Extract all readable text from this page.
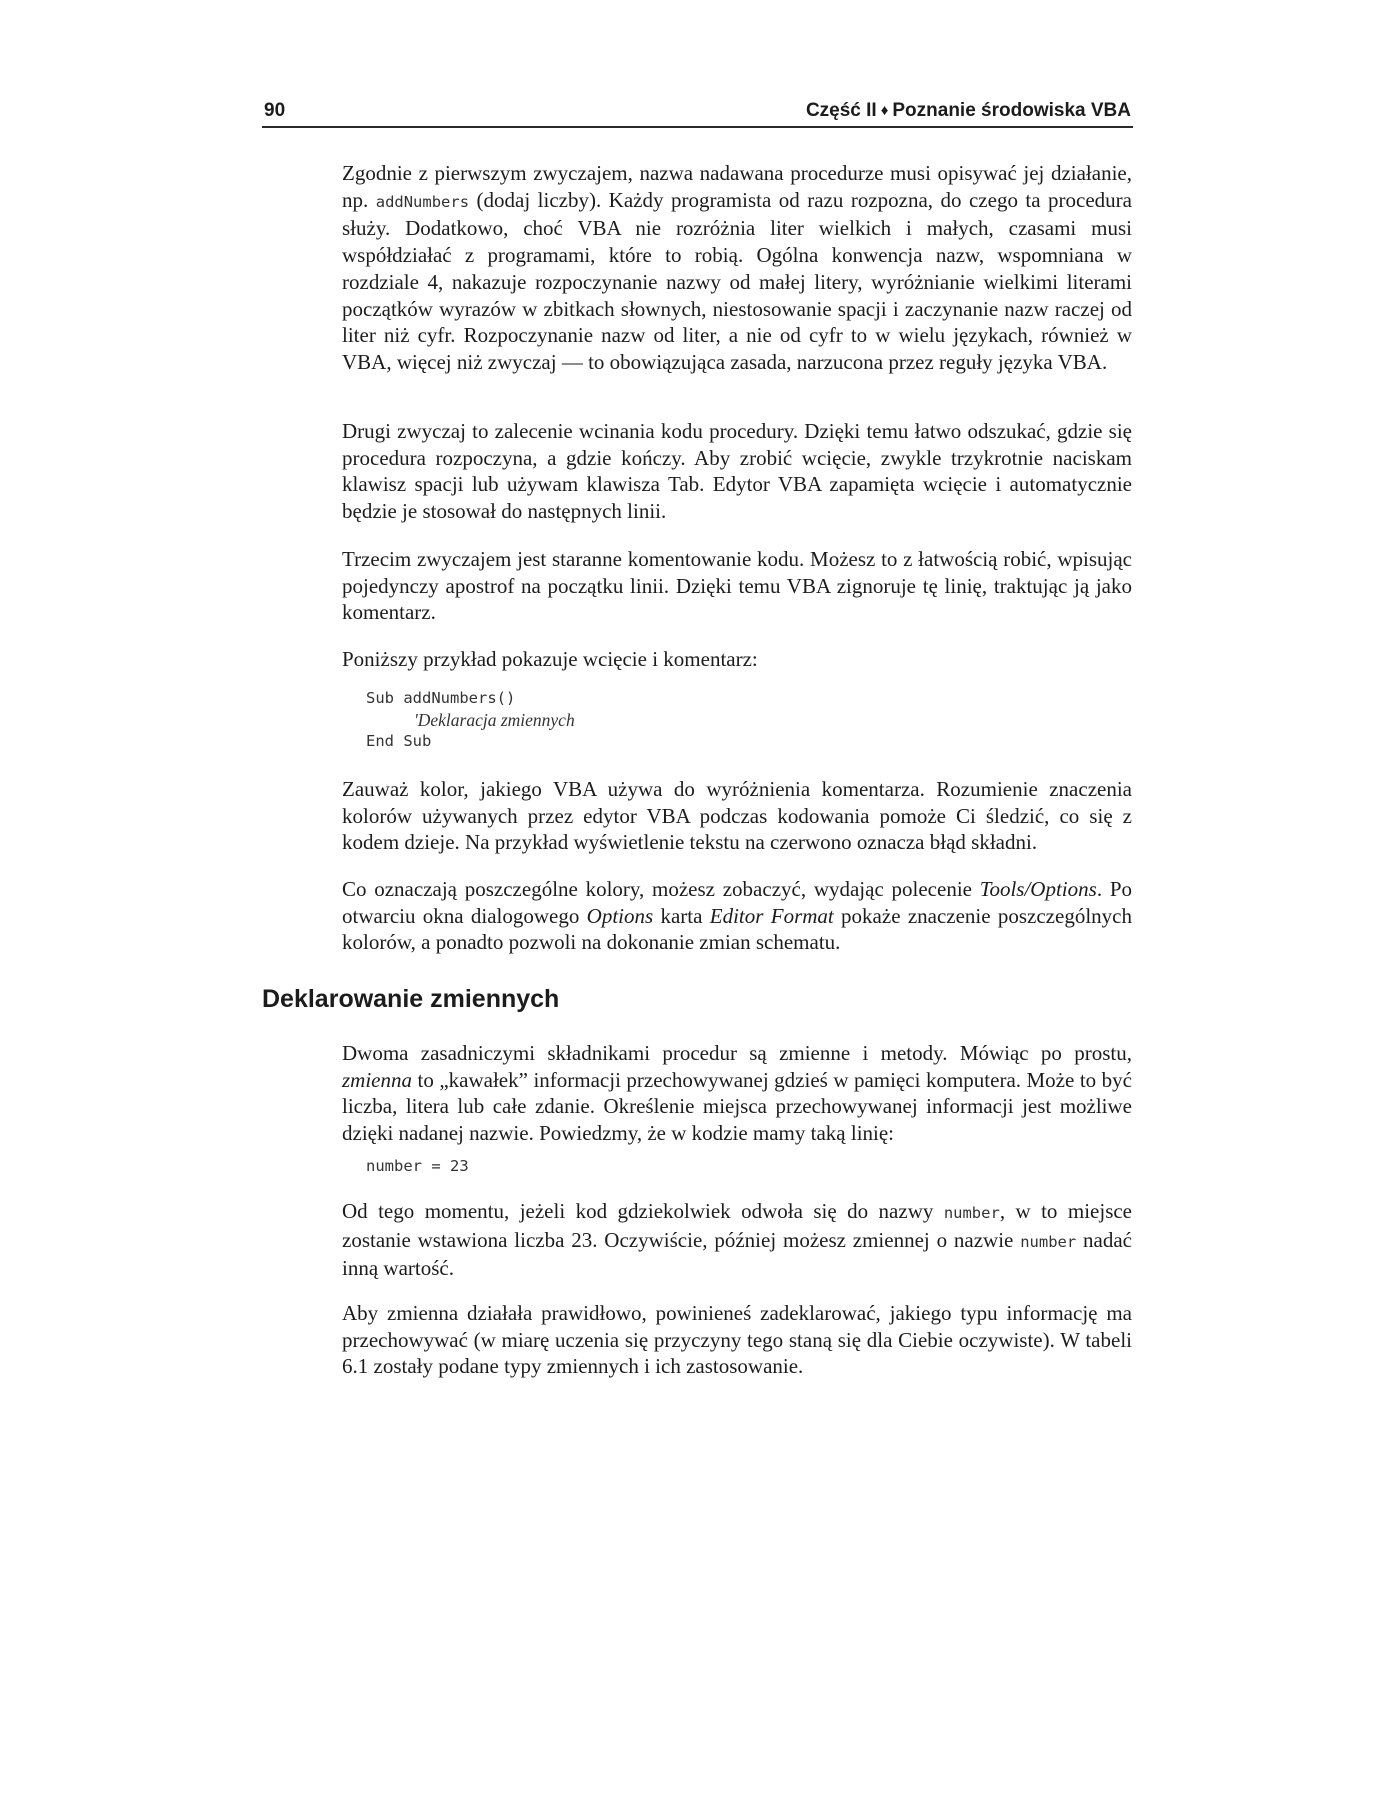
90	Część II ♦ Poznanie środowiska VBA

Zgodnie z pierwszym zwyczajem, nazwa nadawana procedurze musi opisywać jej działanie, np. addNumbers (dodaj liczby). Każdy programista od razu rozpozna, do czego ta procedura służy. Dodatkowo, choć VBA nie rozróżnia liter wielkich i małych, czasami musi współdziałać z programami, które to robią. Ogólna konwencja nazw, wspomniana w rozdziale 4, nakazuje rozpoczynanie nazwy od małej litery, wyróżnianie wielkimi literami początków wyrazów w zbitkach słownych, niestosowanie spacji i zaczynanie nazw raczej od liter niż cyfr. Rozpoczynanie nazw od liter, a nie od cyfr to w wielu językach, również w VBA, więcej niż zwyczaj — to obowiązująca zasada, narzucona przez reguły języka VBA.

Drugi zwyczaj to zalecenie wcinania kodu procedury. Dzięki temu łatwo odszukać, gdzie się procedura rozpoczyna, a gdzie kończy. Aby zrobić wcięcie, zwykle trzykrotnie naciskam klawisz spacji lub używam klawisza Tab. Edytor VBA zapamięta wcięcie i automatycznie będzie je stosował do następnych linii.

Trzecim zwyczajem jest staranne komentowanie kodu. Możesz to z łatwością robić, wpisując pojedynczy apostrof na początku linii. Dzięki temu VBA zignoruje tę linię, traktując ją jako komentarz.

Poniższy przykład pokazuje wcięcie i komentarz:

Sub addNumbers()
'Deklaracja zmiennych
End Sub

Zauważ kolor, jakiego VBA używa do wyróżnienia komentarza. Rozumienie znaczenia kolorów używanych przez edytor VBA podczas kodowania pomoże Ci śledzić, co się z kodem dzieje. Na przykład wyświetlenie tekstu na czerwono oznacza błąd składni.

Co oznaczają poszczególne kolory, możesz zobaczyć, wydając polecenie Tools/Options. Po otwarciu okna dialogowego Options karta Editor Format pokaże znaczenie poszczególnych kolorów, a ponadto pozwoli na dokonanie zmian schematu.

Deklarowanie zmiennych

Dwoma zasadniczymi składnikami procedur są zmienne i metody. Mówiąc po prostu, zmienna to „kawałek” informacji przechowywanej gdzieś w pamięci komputera. Może to być liczba, litera lub całe zdanie. Określenie miejsca przechowywanej informacji jest możliwe dzięki nadanej nazwie. Powiedzmy, że w kodzie mamy taką linię:

number = 23

Od tego momentu, jeżeli kod gdziekolwiek odwoła się do nazwy number, w to miejsce zostanie wstawiona liczba 23. Oczywiście, później możesz zmiennej o nazwie number nadać inną wartość.

Aby zmienna działała prawidłowo, powinieneś zadeklarować, jakiego typu informację ma przechowywać (w miarę uczenia się przyczyny tego staną się dla Ciebie oczywiste). W tabeli 6.1 zostały podane typy zmiennych i ich zastosowanie.
